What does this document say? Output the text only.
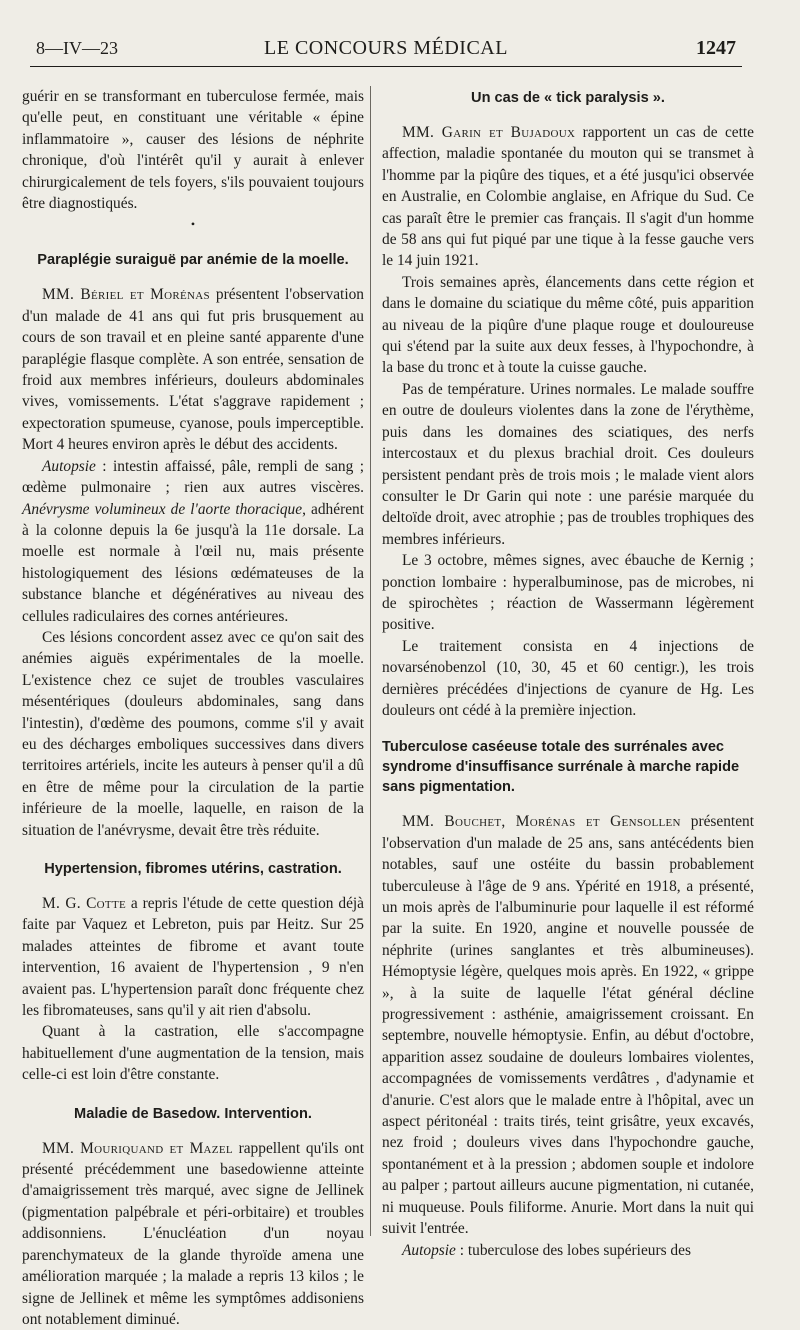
8—IV—23	LE CONCOURS MÉDICAL	1247

guérir en se transformant en tuberculose fermée, mais qu'elle peut, en constituant une véritable « épine inflammatoire », causer des lésions de néphrite chronique, d'où l'intérêt qu'il y aurait à enlever chirurgicalement de tels foyers, s'ils pouvaient toujours être diagnostiqués.

•
Paraplégie suraiguë par anémie de la moelle.

MM. Bériel et Morénas présentent l'observation d'un malade de 41 ans qui fut pris brusquement au cours de son travail et en pleine santé apparente d'une paraplégie flasque complète. A son entrée, sensation de froid aux membres inférieurs, douleurs abdominales vives, vomissements. L'état s'aggrave rapidement ; expectoration spumeuse, cyanose, pouls imperceptible. Mort 4 heures environ après le début des accidents.

Autopsie : intestin affaissé, pâle, rempli de sang ; œdème pulmonaire ; rien aux autres viscères. Anévrysme volumineux de l'aorte thoracique, adhérent à la colonne depuis la 6e jusqu'à la 11e dorsale. La moelle est normale à l'œil nu, mais présente histologiquement des lésions œdémateuses de la substance blanche et dégénératives au niveau des cellules radiculaires des cornes antérieures.

Ces lésions concordent assez avec ce qu'on sait des anémies aiguës expérimentales de la moelle. L'existence chez ce sujet de troubles vasculaires mésentériques (douleurs abdominales, sang dans l'intestin), d'œdème des poumons, comme s'il y avait eu des décharges emboliques successives dans divers territoires artériels, incite les auteurs à penser qu'il a dû en être de même pour la circulation de la partie inférieure de la moelle, laquelle, en raison de la situation de l'anévrysme, devait être très réduite.

Hypertension, fibromes utérins, castration.

M. G. Cotte a repris l'étude de cette question déjà faite par Vaquez et Lebreton, puis par Heitz. Sur 25 malades atteintes de fibrome et avant toute intervention, 16 avaient de l'hypertension , 9 n'en avaient pas. L'hypertension paraît donc fréquente chez les fibromateuses, sans qu'il y ait rien d'absolu.

Quant à la castration, elle s'accompagne habituellement d'une augmentation de la tension, mais celle-ci est loin d'être constante.

Maladie de Basedow. Intervention.

MM. Mouriquand et Mazel rappellent qu'ils ont présenté précédemment une basedowienne atteinte d'amaigrissement très marqué, avec signe de Jellinek (pigmentation palpébrale et péri-orbitaire) et troubles addisonniens. L'énucléation d'un noyau parenchymateux de la glande thyroïde amena une amélioration marquée ; la malade a repris 13 kilos ; le signe de Jellinek et même les symptômes addisoniens ont notablement diminué.

Un cas de « tick paralysis ».

MM. Garin et Bujadoux rapportent un cas de cette affection, maladie spontanée du mouton qui se transmet à l'homme par la piqûre des tiques, et a été jusqu'ici observée en Australie, en Colombie anglaise, en Afrique du Sud. Ce cas paraît être le premier cas français. Il s'agit d'un homme de 58 ans qui fut piqué par une tique à la fesse gauche vers le 14 juin 1921.

Trois semaines après, élancements dans cette région et dans le domaine du sciatique du même côté, puis apparition au niveau de la piqûre d'une plaque rouge et douloureuse qui s'étend par la suite aux deux fesses, à l'hypochondre, à la base du tronc et à toute la cuisse gauche.

Pas de température. Urines normales. Le malade souffre en outre de douleurs violentes dans la zone de l'érythème, puis dans les domaines des sciatiques, des nerfs intercostaux et du plexus brachial droit. Ces douleurs persistent pendant près de trois mois ; le malade vient alors consulter le Dr Garin qui note : une parésie marquée du deltoïde droit, avec atrophie ; pas de troubles trophiques des membres inférieurs.

Le 3 octobre, mêmes signes, avec ébauche de Kernig ; ponction lombaire : hyperalbuminose, pas de microbes, ni de spirochètes ; réaction de Wassermann légèrement positive.

Le traitement consista en 4 injections de novarsénobenzol (10, 30, 45 et 60 centigr.), les trois dernières précédées d'injections de cyanure de Hg. Les douleurs ont cédé à la première injection.

Tuberculose caséeuse totale des surrénales avec syndrome d'insuffisance surrénale à marche rapide sans pigmentation.

MM. Bouchet, Morénas et Gensollen présentent l'observation d'un malade de 25 ans, sans antécédents bien notables, sauf une ostéite du bassin probablement tuberculeuse à l'âge de 9 ans. Ypérité en 1918, a présenté, un mois après de l'albuminurie pour laquelle il est réformé par la suite. En 1920, angine et nouvelle poussée de néphrite (urines sanglantes et très albumineuses). Hémoptysie légère, quelques mois après. En 1922, « grippe », à la suite de laquelle l'état général décline progressivement : asthénie, amaigrissement croissant. En septembre, nouvelle hémoptysie. Enfin, au début d'octobre, apparition assez soudaine de douleurs lombaires violentes, accompagnées de vomissements verdâtres , d'adynamie et d'anurie. C'est alors que le malade entre à l'hôpital, avec un aspect péritonéal : traits tirés, teint grisâtre, yeux excavés, nez froid ; douleurs vives dans l'hypochondre gauche, spontanément et à la pression ; abdomen souple et indolore au palper ; partout ailleurs aucune pigmentation, ni cutanée, ni muqueuse. Pouls filiforme. Anurie. Mort dans la nuit qui suivit l'entrée.

Autopsie : tuberculose des lobes supérieurs des
